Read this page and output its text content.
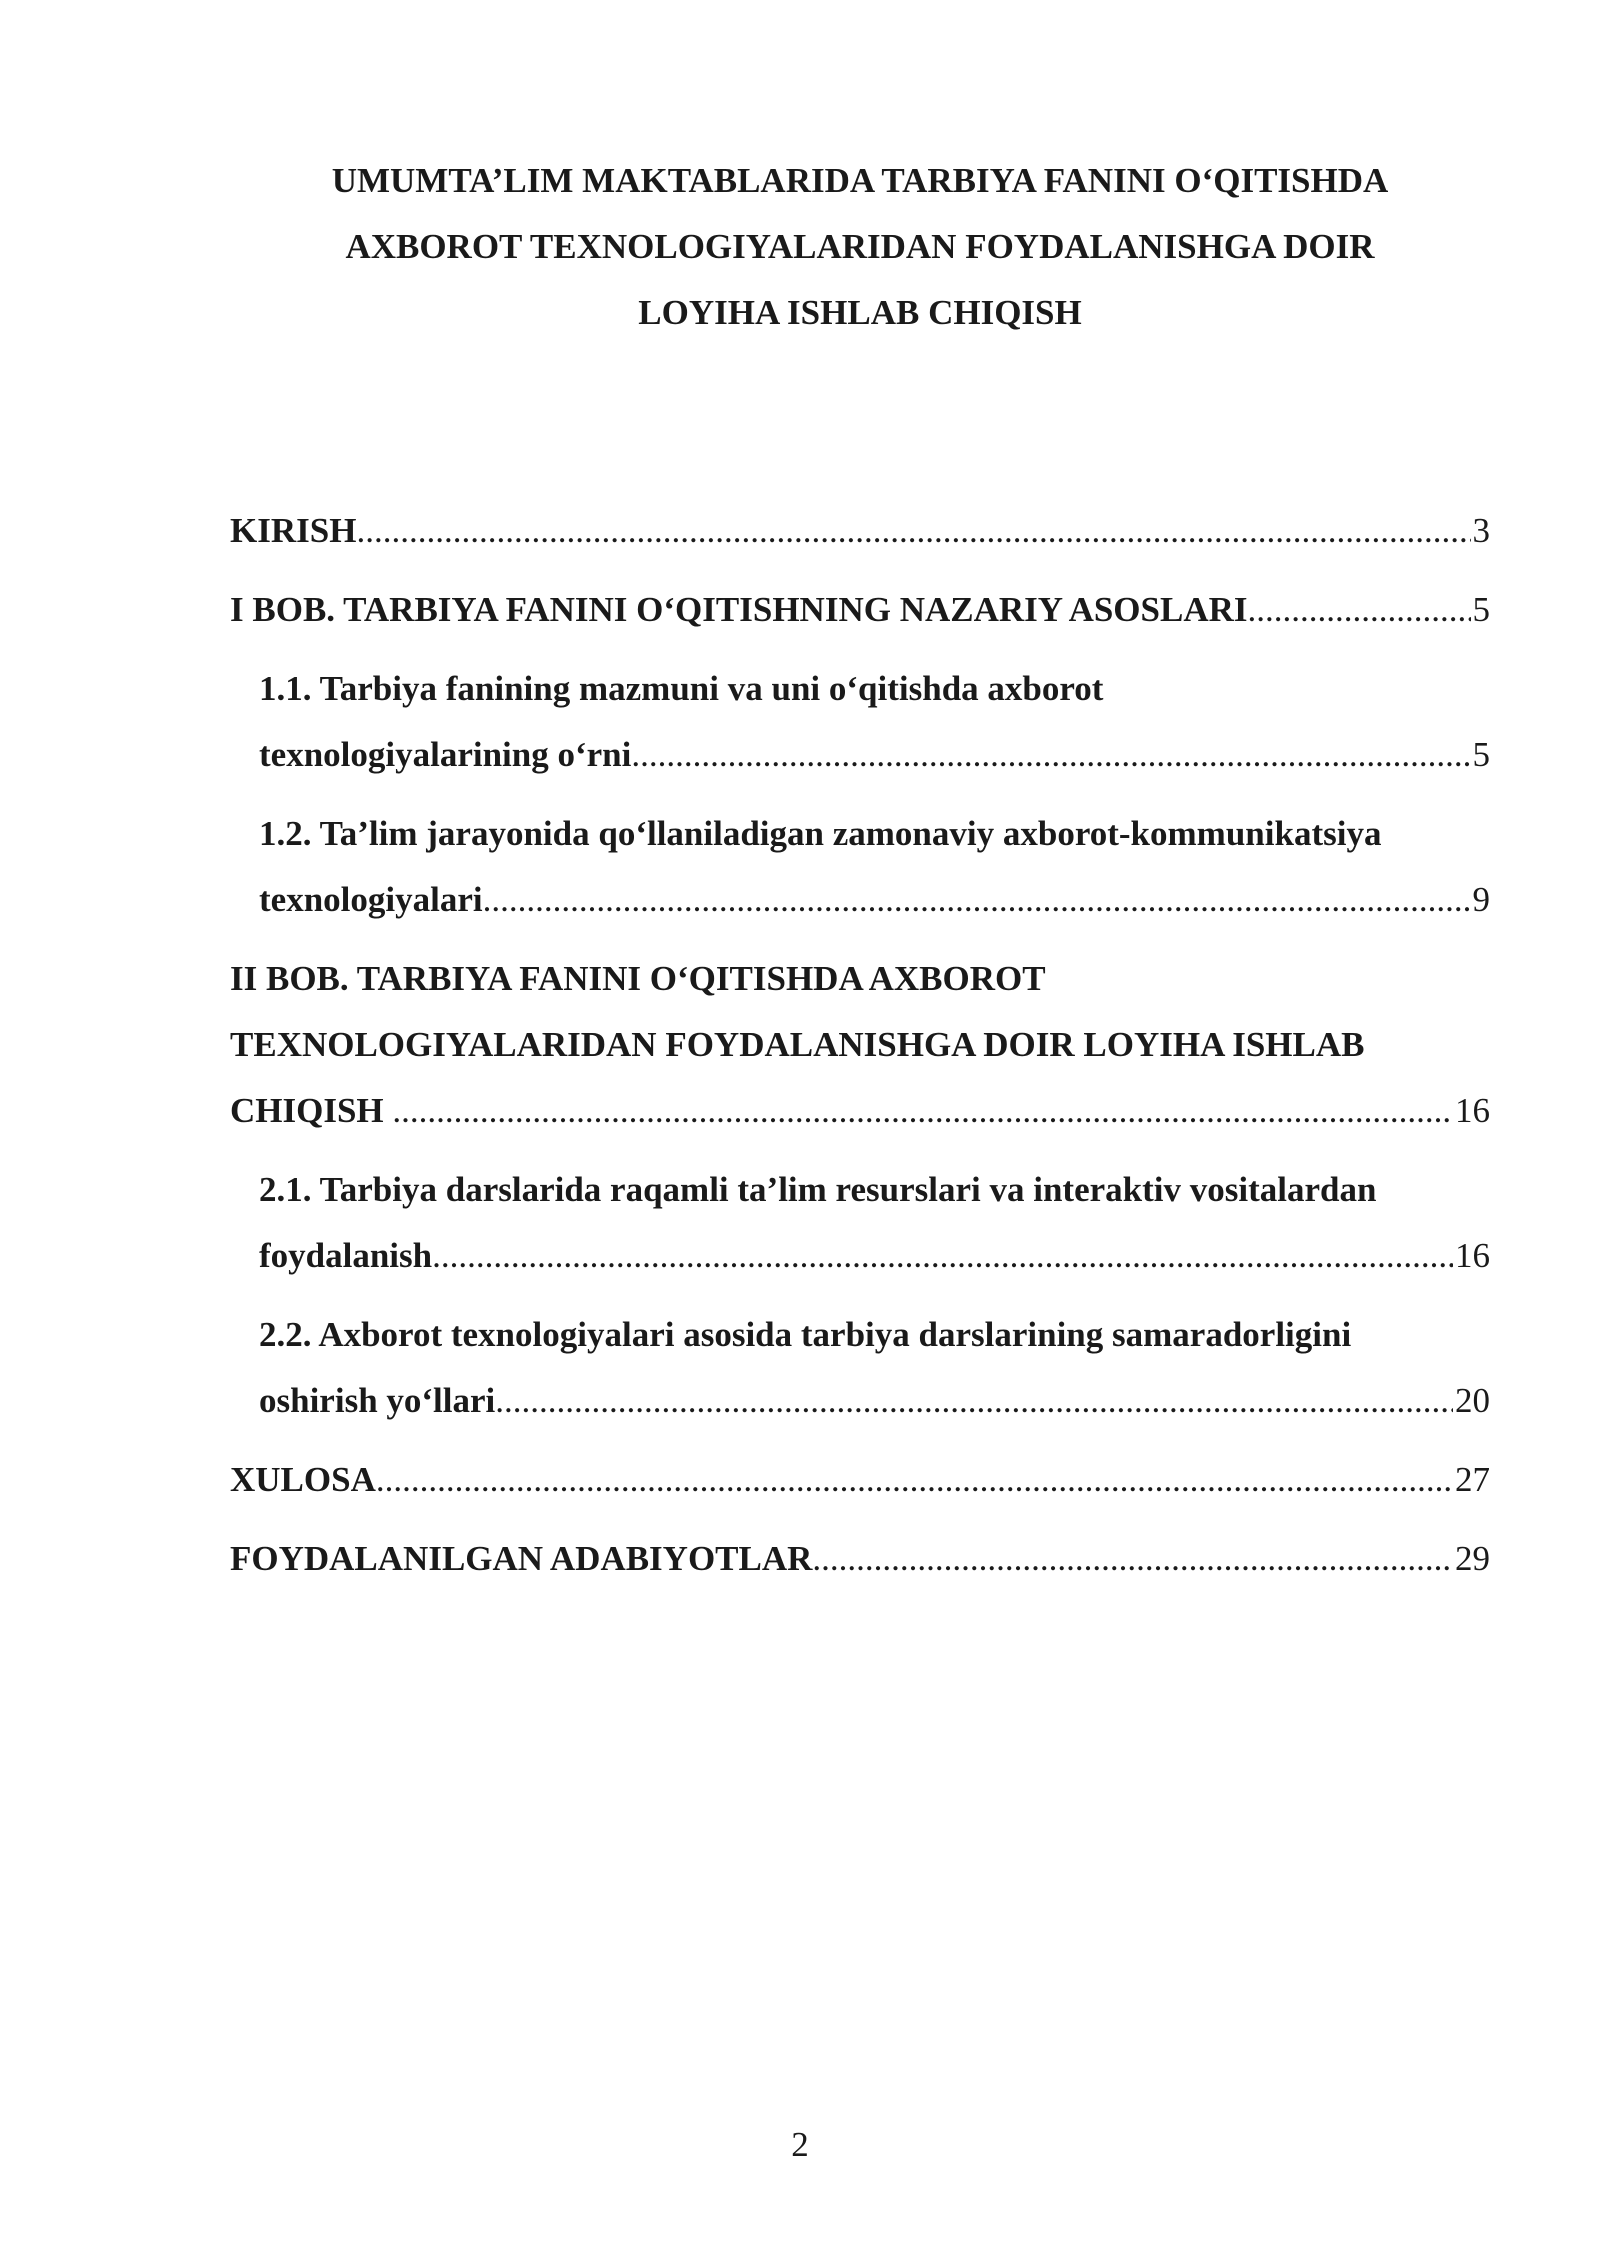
UMUMTA’LIM MAKTABLARIDA TARBIYA FANINI O‘QITISHDA
AXBOROT TEXNOLOGIYALARIDAN FOYDALANISHGA DOIR
LOYIHA ISHLAB CHIQISH
KIRISH .....	3
I BOB. TARBIYA FANINI O‘QITISHNING NAZARIY ASOSLARI .....	5
1.1. Tarbiya fanining mazmuni va uni o‘qitishda axborot
texnologiyalarining o‘rni .....	5
1.2. Ta’lim jarayonida qo‘llaniladigan zamonaviy axborot-kommunikatsiya
texnologiyalari .....	9
II BOB. TARBIYA FANINI O‘QITISHDA AXBOROT
TEXNOLOGIYALARIDAN FOYDALANISHGA DOIR LOYIHA ISHLAB
CHIQISH .....	16
2.1. Tarbiya darslarida raqamli ta’lim resurslari va interaktiv vositalardan
foydalanish .....	16
2.2. Axborot texnologiyalari asosida tarbiya darslarining samaradorligini
oshirish yo‘llari .....	20
XULOSA .....	27
FOYDALANILGAN ADABIYOTLAR .....	29
2
